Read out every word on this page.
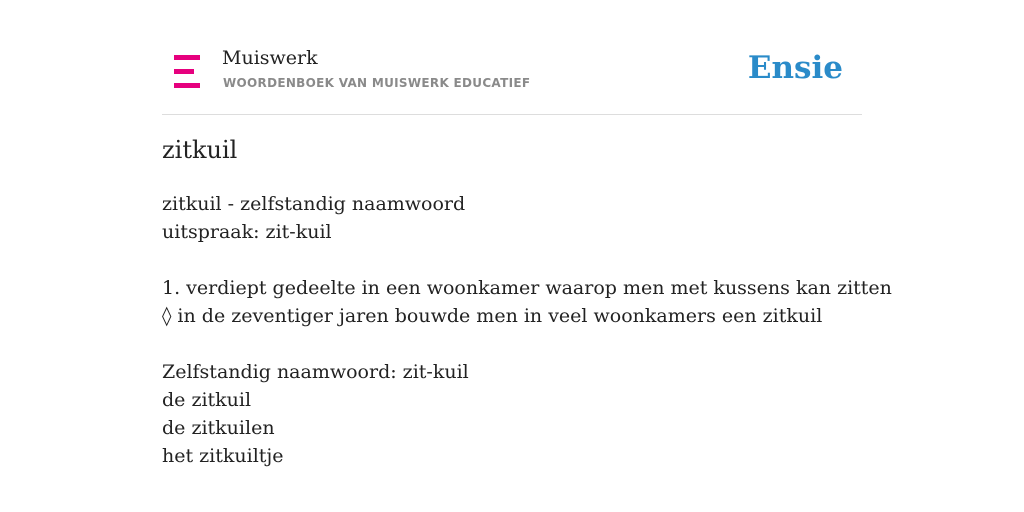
Muiswerk
WOORDENBOEK VAN MUISWERK EDUCATIEF	Ensie
zitkuil
zitkuil - zelfstandig naamwoord
uitspraak: zit-kuil
1. verdiept gedeelte in een woonkamer waarop men met kussens kan zitten
◊ in de zeventiger jaren bouwde men in veel woonkamers een zitkuil
Zelfstandig naamwoord: zit-kuil
de zitkuil
de zitkuilen
het zitkuiltje
